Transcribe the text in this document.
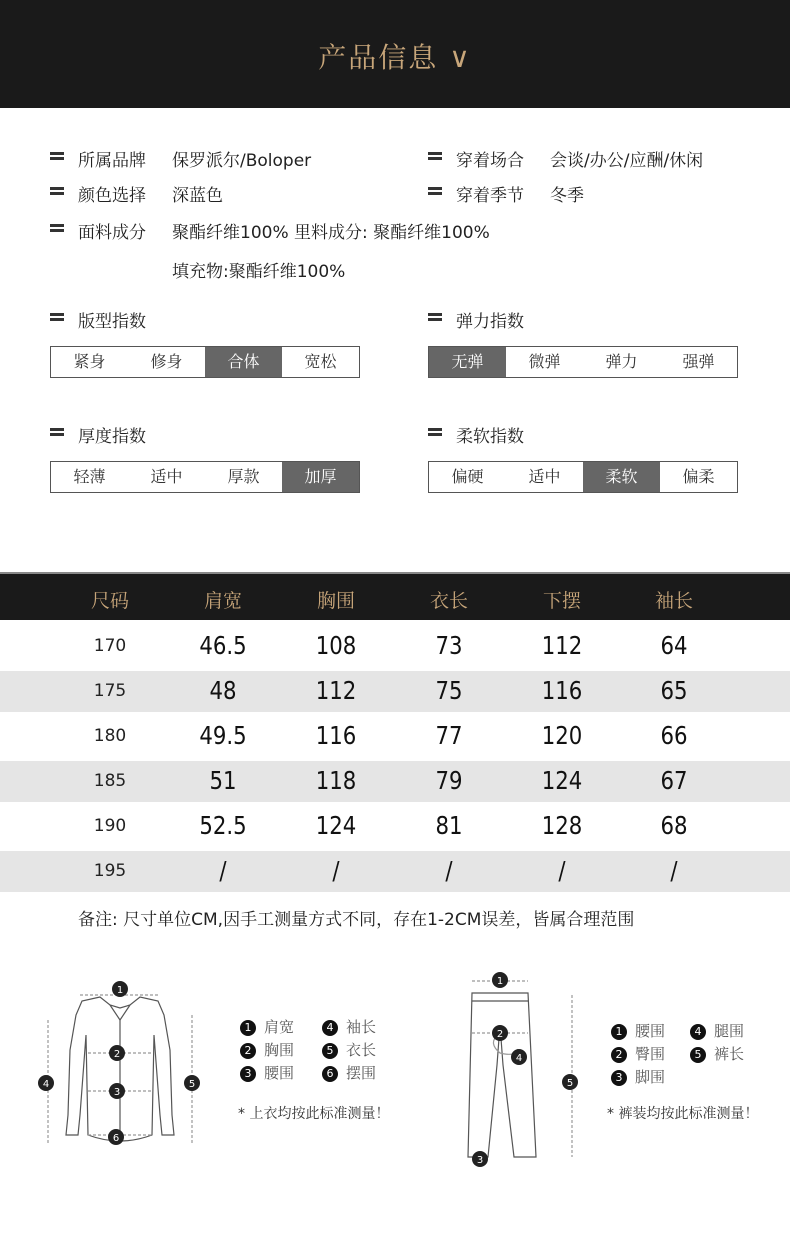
产品信息 ∨
所属品牌 保罗派尔/Boloper	穿着场合 会谈/办公/应酬/休闲
颜色选择 深蓝色	穿着季节 冬季
面料成分 聚酯纤维100% 里料成分: 聚酯纤维100%
填充物:聚酯纤维100%
版型指数
紧身	修身	合体	宽松
弹力指数
无弹	微弹	弹力	强弹
厚度指数
轻薄	适中	厚款	加厚
柔软指数
偏硬	适中	柔软	偏柔
尺码	肩宽	胸围	衣长	下摆	袖长
170	46.5	108	73	112	64
175	48	112	75	116	65
180	49.5	116	77	120	66
185	51	118	79	124	67
190	52.5	124	81	128	68
195	/	/	/	/	/
备注: 尺寸单位CM,因手工测量方式不同，存在1-2CM误差，皆属合理范围
1
2
3
4	5
6
1 肩宽	4 袖长
2 胸围	5 衣长
3 腰围	6 摆围
* 上衣均按此标准测量！
1
2
3
4
5
1 腰围	4 腿围
2 臀围	5 裤长
3 脚围
* 裤装均按此标准测量！
